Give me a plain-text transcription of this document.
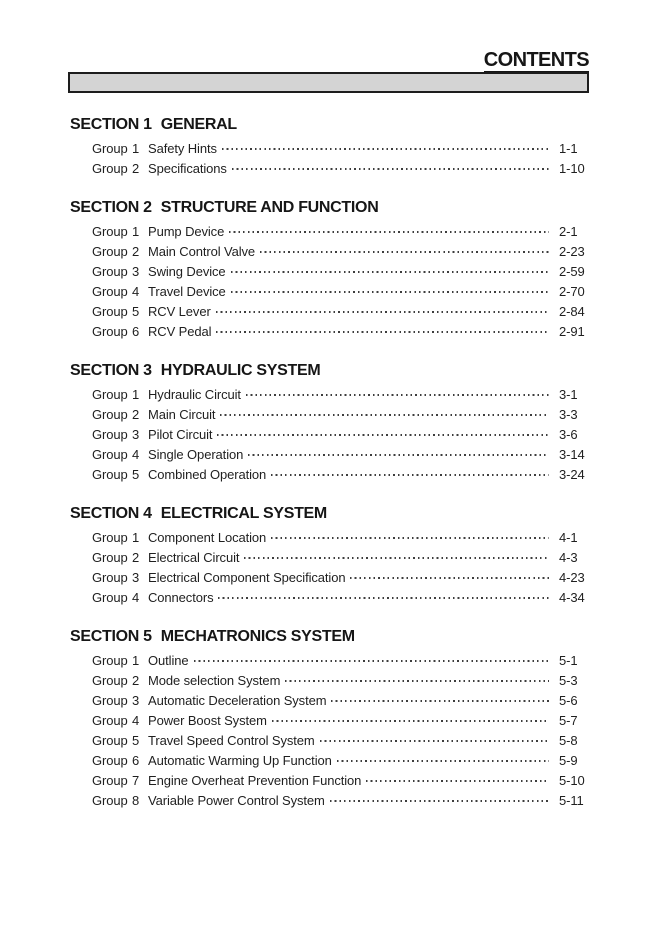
CONTENTS
SECTION 1 GENERAL
Group 1 Safety Hints	1-1
Group 2 Specifications	1-10
SECTION 2 STRUCTURE AND FUNCTION
Group 1 Pump Device	2-1
Group 2 Main Control Valve	2-23
Group 3 Swing Device	2-59
Group 4 Travel Device	2-70
Group 5 RCV Lever	2-84
Group 6 RCV Pedal	2-91
SECTION 3 HYDRAULIC SYSTEM
Group 1 Hydraulic Circuit	3-1
Group 2 Main Circuit	3-3
Group 3 Pilot Circuit	3-6
Group 4 Single Operation	3-14
Group 5 Combined Operation	3-24
SECTION 4 ELECTRICAL SYSTEM
Group 1 Component Location	4-1
Group 2 Electrical Circuit	4-3
Group 3 Electrical Component Specification	4-23
Group 4 Connectors	4-34
SECTION 5 MECHATRONICS SYSTEM
Group 1 Outline	5-1
Group 2 Mode selection System	5-3
Group 3 Automatic Deceleration System	5-6
Group 4 Power Boost System	5-7
Group 5 Travel Speed Control System	5-8
Group 6 Automatic Warming Up Function	5-9
Group 7 Engine Overheat Prevention Function	5-10
Group 8 Variable Power Control System	5-11
